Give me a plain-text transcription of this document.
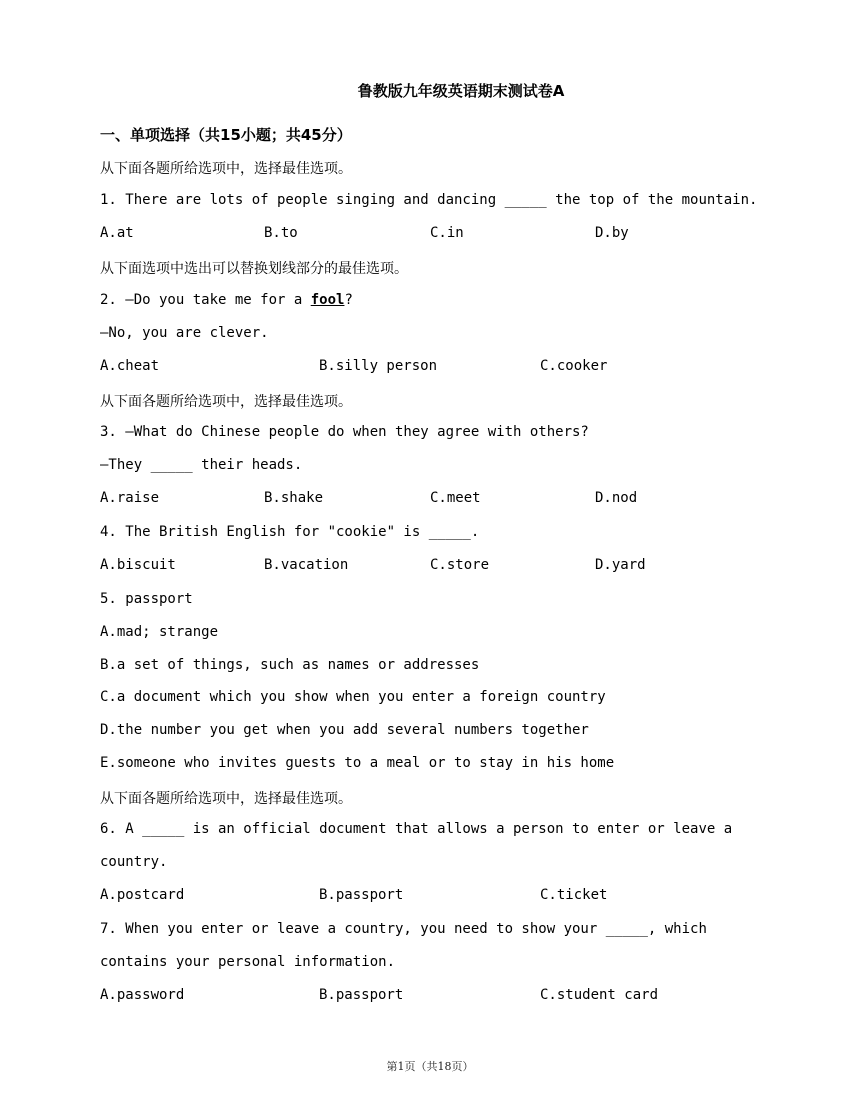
鲁教版九年级英语期末测试卷A
一、单项选择（共15小题；共45分）
从下面各题所给选项中，选择最佳选项。
1. There are lots of people singing and dancing _____ the top of the mountain.
A.at	B.to	C.in	D.by
从下面选项中选出可以替换划线部分的最佳选项。
2. —Do you take me for a fool?
—No, you are clever.
A.cheat	B.silly person	C.cooker
从下面各题所给选项中，选择最佳选项。
3. —What do Chinese people do when they agree with others?
—They _____ their heads.
A.raise	B.shake	C.meet	D.nod
4. The British English for "cookie" is _____.
A.biscuit	B.vacation	C.store	D.yard
5. passport
A.mad; strange
B.a set of things, such as names or addresses
C.a document which you show when you enter a foreign country
D.the number you get when you add several numbers together
E.someone who invites guests to a meal or to stay in his home
从下面各题所给选项中，选择最佳选项。
6. A _____ is an official document that allows a person to enter or leave a
country.
A.postcard	B.passport	C.ticket
7. When you enter or leave a country, you need to show your _____, which
contains your personal information.
A.password	B.passport	C.student card
第1页（共18页）
